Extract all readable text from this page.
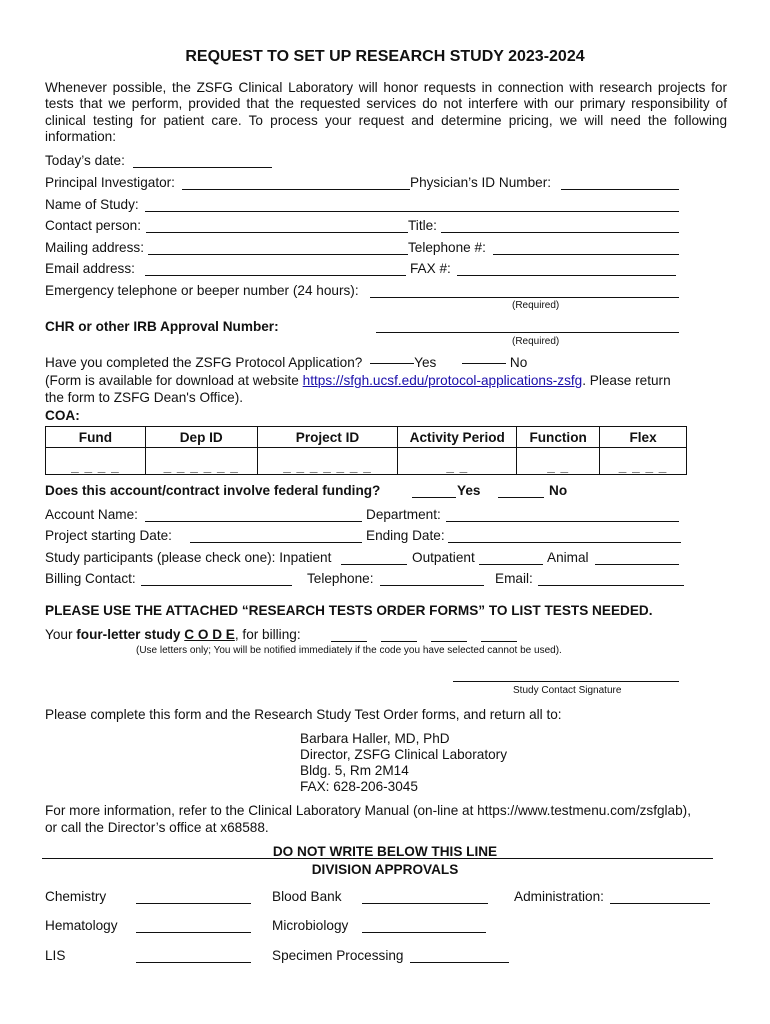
REQUEST TO SET UP RESEARCH STUDY 2023-2024
Whenever possible, the ZSFG Clinical Laboratory will honor requests in connection with research projects for tests that we perform, provided that the requested services do not interfere with our primary responsibility of clinical testing for patient care. To process your request and determine pricing, we will need the following information:
Today’s date:
Principal Investigator:	Physician’s ID Number:
Name of Study:
Contact person:	Title:
Mailing address:	Telephone #:
Email address:	FAX #:
Emergency telephone or beeper number (24 hours):
(Required)
CHR or other IRB Approval Number:
(Required)
Have you completed the ZSFG Protocol Application?	Yes	No
(Form is available for download at website https://sfgh.ucsf.edu/protocol-applications-zsfg. Please return
the form to ZSFG Dean's Office).
COA:
Fund	Dep ID	Project ID	Activity Period	Function	Flex
_ _ _ _	_ _ _ _ _ _	_ _ _ _ _ _ _	_ _	_ _	_ _ _ _
Does this account/contract involve federal funding?	Yes	No
Account Name:	Department:
Project starting Date:	Ending Date:
Study participants (please check one): Inpatient	Outpatient	Animal
Billing Contact:	Telephone:	Email:
PLEASE USE THE ATTACHED “RESEARCH TESTS ORDER FORMS” TO LIST TESTS NEEDED.
Your four-letter study C O D E, for billing:
(Use letters only; You will be notified immediately if the code you have selected cannot be used).
Study Contact Signature
Please complete this form and the Research Study Test Order forms, and return all to:
Barbara Haller, MD, PhD
Director, ZSFG Clinical Laboratory
Bldg. 5, Rm 2M14
FAX: 628-206-3045
For more information, refer to the Clinical Laboratory Manual (on-line at https://www.testmenu.com/zsfglab),
or call the Director’s office at x68588.
DO NOT WRITE BELOW THIS LINE
DIVISION APPROVALS
Chemistry	Blood Bank	Administration:
Hematology	Microbiology
LIS	Specimen Processing
